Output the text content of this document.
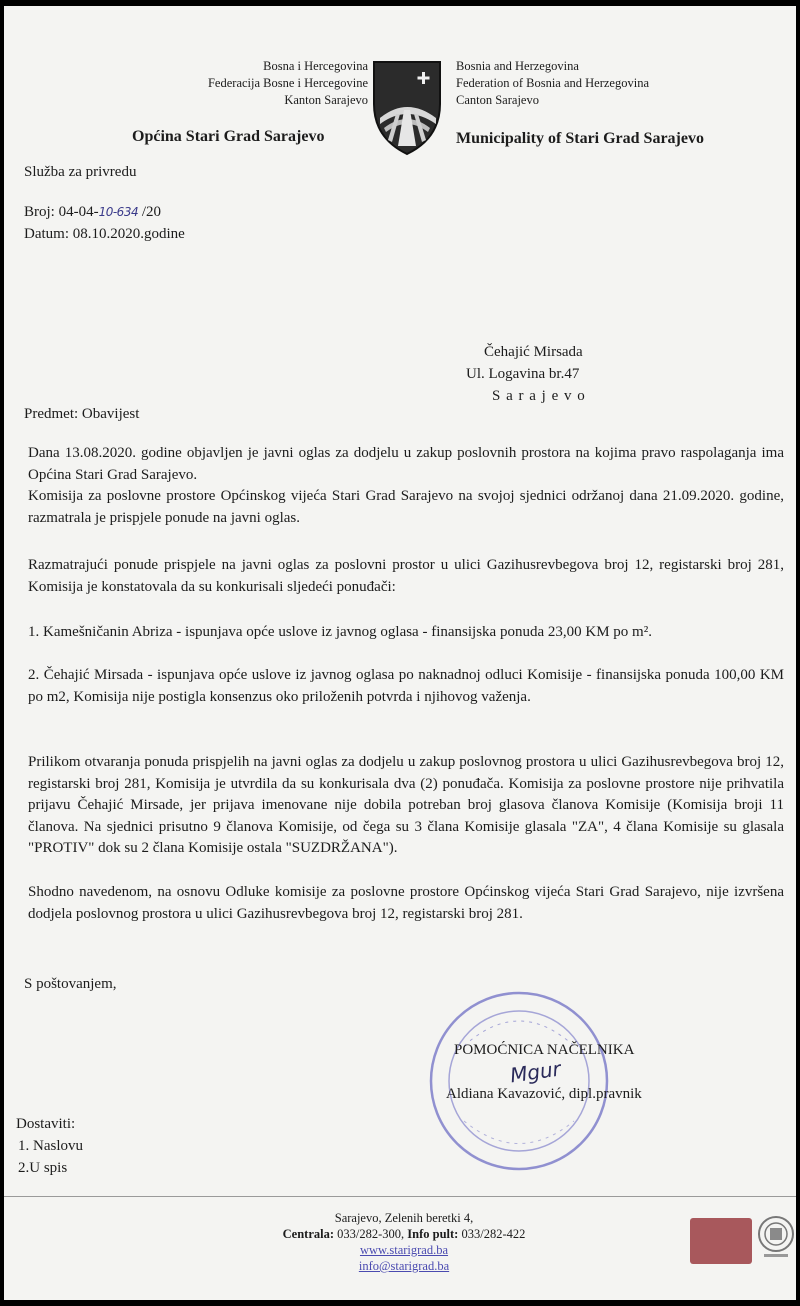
Bosna i Hercegovina
Federacija Bosne i Hercegovine
Kanton Sarajevo
Bosnia and Herzegovina
Federation of Bosnia and Herzegovina
Canton Sarajevo
Općina Stari Grad Sarajevo	Municipality of Stari Grad Sarajevo
Služba za privredu
Broj: 04-04-10-634 /20
Datum: 08.10.2020.godine
Čehajić Mirsada
Ul. Logavina br.47
S a r a j e v o
Predmet: Obavijest
Dana 13.08.2020. godine objavljen je javni oglas za dodjelu u zakup poslovnih prostora na kojima pravo raspolaganja ima Općina Stari Grad Sarajevo.
Komisija za poslovne prostore Općinskog vijeća Stari Grad Sarajevo na svojoj sjednici održanoj dana 21.09.2020. godine, razmatrala je prispjele ponude na javni oglas.
Razmatrajući ponude prispjele na javni oglas za poslovni prostor u ulici Gazihusrevbegova broj 12, registarski broj 281, Komisija je konstatovala da su konkurisali sljedeći ponuđači:
1. Kamešničanin Abriza - ispunjava opće uslove iz javnog oglasa - finansijska ponuda 23,00 KM po m².
2. Čehajić Mirsada - ispunjava opće uslove iz javnog oglasa po naknadnoj odluci Komisije - finansijska ponuda 100,00 KM po m2, Komisija nije postigla konsenzus oko priloženih potvrda i njihovog važenja.
Prilikom otvaranja ponuda prispjelih na javni oglas za dodjelu u zakup poslovnog prostora u ulici Gazihusrevbegova broj 12, registarski broj 281, Komisija je utvrdila da su konkurisala dva (2) ponuđača. Komisija za poslovne prostore nije prihvatila prijavu Čehajić Mirsade, jer prijava imenovane nije dobila potreban broj glasova članova Komisije (Komisija broji 11 članova. Na sjednici prisutno 9 članova Komisije, od čega su 3 člana Komisije glasala "ZA", 4 člana Komisije su glasala "PROTIV" dok su 2 člana Komisije ostala "SUZDRŽANA").
Shodno navedenom, na osnovu Odluke komisije za poslovne prostore Općinskog vijeća Stari Grad Sarajevo, nije izvršena dodjela poslovnog prostora u ulici Gazihusrevbegova broj 12, registarski broj 281.
S poštovanjem,
POMOĆNICA NAČELNIKA
Mgur
Aldiana Kavazović, dipl.pravnik
Dostaviti:
1. Naslovu
2.U spis
Sarajevo, Zelenih beretki 4,
Centrala: 033/282-300, Info pult: 033/282-422
www.starigrad.ba
info@starigrad.ba
